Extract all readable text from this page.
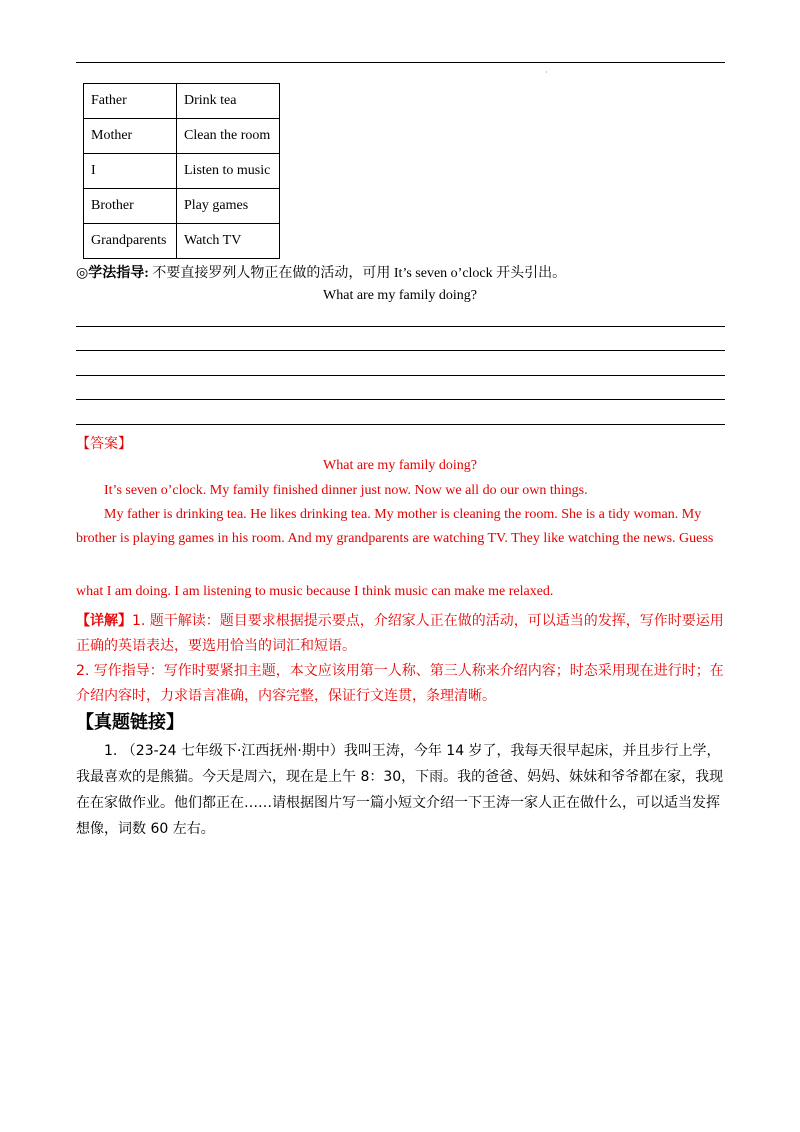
·
Father	Drink tea
Mother	Clean the room
I	Listen to music
Brother	Play games
Grandparents	Watch TV
◎学法指导: 不要直接罗列人物正在做的活动，可用 It’s seven o’clock 开头引出。
What are my family doing?
【答案】
What are my family doing?
It’s seven o’clock. My family finished dinner just now. Now we all do our own things.
My father is drinking tea. He likes drinking tea. My mother is cleaning the room. She is a tidy woman. My
brother is playing games in his room. And my grandparents are watching TV. They like watching the news. Guess
what I am doing. I am listening to music because I think music can make me relaxed.
【详解】1. 题干解读：题目要求根据提示要点，介绍家人正在做的活动，可以适当的发挥，写作时要运用
正确的英语表达，要选用恰当的词汇和短语。
2. 写作指导：写作时要紧扣主题，本文应该用第一人称、第三人称来介绍内容；时态采用现在进行时；在
介绍内容时，力求语言准确，内容完整，保证行文连贯，条理清晰。
【真题链接】
1. （23-24 七年级下·江西抚州·期中）我叫王涛，今年 14 岁了，我每天很早起床，并且步行上学，
我最喜欢的是熊猫。今天是周六，现在是上午 8：30，下雨。我的爸爸、妈妈、妹妹和爷爷都在家，我现
在在家做作业。他们都正在……请根据图片写一篇小短文介绍一下王涛一家人正在做什么，可以适当发挥
想像，词数 60 左右。
